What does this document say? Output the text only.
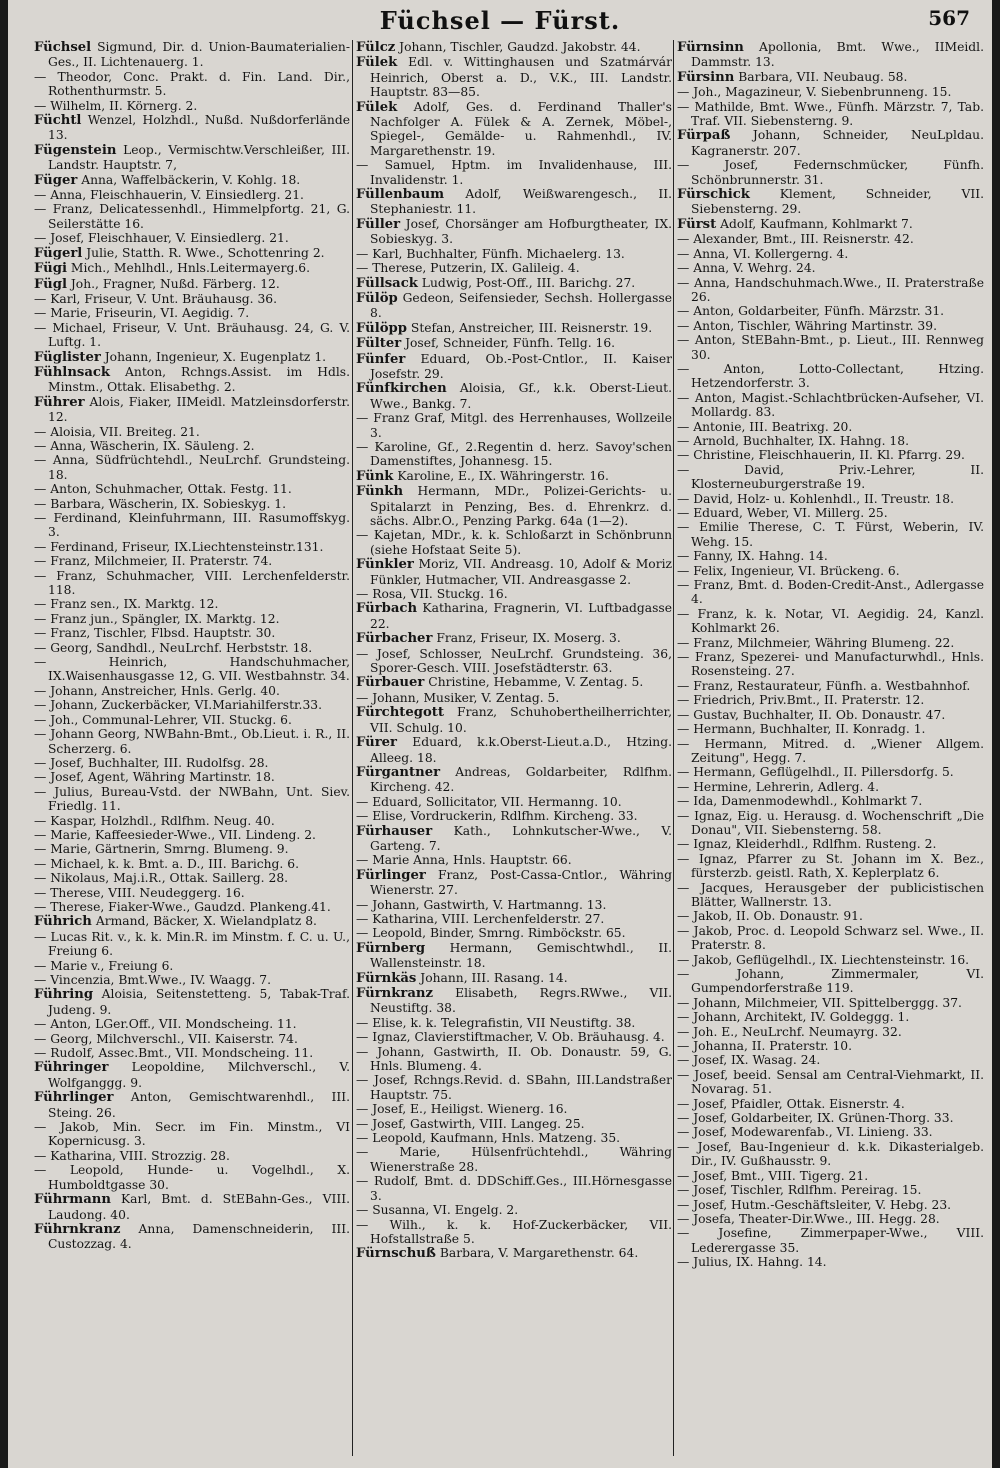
Füchsel — Fürst.	567

Füchsel Sigmund, Dir. d. Union-Baumaterialien-Ges., II. Lichtenauerg. 1.

— Theodor, Conc. Prakt. d. Fin. Land. Dir., Rothenthurmstr. 5.

— Wilhelm, II. Körnerg. 2.

Füchtl Wenzel, Holzhdl., Nußd. Nußdorferlände 13.

Fügenstein Leop., Vermischtw.Verschleißer, III. Landstr. Hauptstr. 7,

Füger Anna, Waffelbäckerin, V. Kohlg. 18.

— Anna, Fleischhauerin, V. Einsiedlerg. 21.

— Franz, Delicatessenhdl., Himmelpfortg. 21, G. Seilerstätte 16.

— Josef, Fleischhauer, V. Einsiedlerg. 21.

Fügerl Julie, Statth. R. Wwe., Schottenring 2.

Fügi Mich., Mehlhdl., Hnls.Leitermayerg.6.

Fügl Joh., Fragner, Nußd. Färberg. 12.

— Karl, Friseur, V. Unt. Bräuhausg. 36.

— Marie, Friseurin, VI. Aegidig. 7.

— Michael, Friseur, V. Unt. Bräuhausg. 24, G. V. Luftg. 1.

Füglister Johann, Ingenieur, X. Eugenplatz 1.

Fühlnsack Anton, Rchngs.Assist. im Hdls. Minstm., Ottak. Elisabethg. 2.

Führer Alois, Fiaker, IIMeidl. Matzleinsdorferstr. 12.

— Aloisia, VII. Breiteg. 21.

— Anna, Wäscherin, IX. Säuleng. 2.

— Anna, Südfrüchtehdl., NeuLrchf. Grundsteing. 18.

— Anton, Schuhmacher, Ottak. Festg. 11.

— Barbara, Wäscherin, IX. Sobieskyg. 1.

— Ferdinand, Kleinfuhrmann, III. Rasumoffskyg. 3.

— Ferdinand, Friseur, IX.Liechtensteinstr.131.

— Franz, Milchmeier, II. Praterstr. 74.

— Franz, Schuhmacher, VIII. Lerchenfelderstr. 118.

— Franz sen., IX. Marktg. 12.

— Franz jun., Spängler, IX. Marktg. 12.

— Franz, Tischler, Flbsd. Hauptstr. 30.

— Georg, Sandhdl., NeuLrchf. Herbststr. 18.

— Heinrich, Handschuhmacher, IX.Waisenhausgasse 12, G. VII. Westbahnstr. 34.

— Johann, Anstreicher, Hnls. Gerlg. 40.

— Johann, Zuckerbäcker, VI.Mariahilferstr.33.

— Joh., Communal-Lehrer, VII. Stuckg. 6.

— Johann Georg, NWBahn-Bmt., Ob.Lieut. i. R., II. Scherzerg. 6.

— Josef, Buchhalter, III. Rudolfsg. 28.

— Josef, Agent, Währing Martinstr. 18.

— Julius, Bureau-Vstd. der NWBahn, Unt. Siev. Friedlg. 11.

— Kaspar, Holzhdl., Rdlfhm. Neug. 40.

— Marie, Kaffeesieder-Wwe., VII. Lindeng. 2.

— Marie, Gärtnerin, Smrng. Blumeng. 9.

— Michael, k. k. Bmt. a. D., III. Barichg. 6.

— Nikolaus, Maj.i.R., Ottak. Saillerg. 28.

— Therese, VIII. Neudeggerg. 16.

— Therese, Fiaker-Wwe., Gaudzd. Plankeng.41.

Führich Armand, Bäcker, X. Wielandplatz 8.

— Lucas Rit. v., k. k. Min.R. im Minstm. f. C. u. U., Freiung 6.

— Marie v., Freiung 6.

— Vincenzia, Bmt.Wwe., IV. Waagg. 7.

Führing Aloisia, Seitenstetteng. 5, Tabak-Traf. Judeng. 9.

— Anton, LGer.Off., VII. Mondscheing. 11.

— Georg, Milchverschl., VII. Kaiserstr. 74.

— Rudolf, Assec.Bmt., VII. Mondscheing. 11.

Führinger Leopoldine, Milchverschl., V. Wolfganggg. 9.

Führlinger Anton, Gemischtwarenhdl., III. Steing. 26.

— Jakob, Min. Secr. im Fin. Minstm., VI Kopernicusg. 3.

— Katharina, VIII. Strozzig. 28.

— Leopold, Hunde- u. Vogelhdl., X. Humboldtgasse 30.

Führmann Karl, Bmt. d. StEBahn-Ges., VIII. Laudong. 40.

Führnkranz Anna, Damenschneiderin, III. Custozzag. 4.

Fülcz Johann, Tischler, Gaudzd. Jakobstr. 44.

Fülek Edl. v. Wittinghausen und Szatmárvár Heinrich, Oberst a. D., V.K., III. Landstr. Hauptstr. 83—85.

Fülek Adolf, Ges. d. Ferdinand Thaller's Nachfolger A. Fülek & A. Zernek, Möbel-, Spiegel-, Gemälde- u. Rahmenhdl., IV. Margarethenstr. 19.

— Samuel, Hptm. im Invalidenhause, III. Invalidenstr. 1.

Füllenbaum Adolf, Weißwarengesch., II. Stephaniestr. 11.

Füller Josef, Chorsänger am Hofburgtheater, IX. Sobieskyg. 3.

— Karl, Buchhalter, Fünfh. Michaelerg. 13.

— Therese, Putzerin, IX. Galileig. 4.

Füllsack Ludwig, Post-Off., III. Barichg. 27.

Fülöp Gedeon, Seifensieder, Sechsh. Hollergasse 8.

Fülöpp Stefan, Anstreicher, III. Reisnerstr. 19.

Fülter Josef, Schneider, Fünfh. Tellg. 16.

Fünfer Eduard, Ob.-Post-Cntlor., II. Kaiser Josefstr. 29.

Fünfkirchen Aloisia, Gf., k.k. Oberst-Lieut. Wwe., Bankg. 7.

— Franz Graf, Mitgl. des Herrenhauses, Wollzeile 3.

— Karoline, Gf., 2.Regentin d. herz. Savoy'schen Damenstiftes, Johannesg. 15.

Fünk Karoline, E., IX. Währingerstr. 16.

Fünkh Hermann, MDr., Polizei-Gerichts- u. Spitalarzt in Penzing, Bes. d. Ehrenkrz. d. sächs. Albr.O., Penzing Parkg. 64a (1—2).

— Kajetan, MDr., k. k. Schloßarzt in Schönbrunn (siehe Hofstaat Seite 5).

Fünkler Moriz, VII. Andreasg. 10, Adolf & Moriz Fünkler, Hutmacher, VII. Andreasgasse 2.

— Rosa, VII. Stuckg. 16.

Fürbach Katharina, Fragnerin, VI. Luftbadgasse 22.

Fürbacher Franz, Friseur, IX. Moserg. 3.

— Josef, Schlosser, NeuLrchf. Grundsteing. 36, Sporer-Gesch. VIII. Josefstädterstr. 63.

Fürbauer Christine, Hebamme, V. Zentag. 5.

— Johann, Musiker, V. Zentag. 5.

Fürchtegott Franz, Schuhobertheilherrichter, VII. Schulg. 10.

Fürer Eduard, k.k.Oberst-Lieut.a.D., Htzing. Alleeg. 18.

Fürgantner Andreas, Goldarbeiter, Rdlfhm. Kircheng. 42.

— Eduard, Sollicitator, VII. Hermanng. 10.

— Elise, Vordruckerin, Rdlfhm. Kircheng. 33.

Fürhauser Kath., Lohnkutscher-Wwe., V. Garteng. 7.

— Marie Anna, Hnls. Hauptstr. 66.

Fürlinger Franz, Post-Cassa-Cntlor., Währing Wienerstr. 27.

— Johann, Gastwirth, V. Hartmanng. 13.

— Katharina, VIII. Lerchenfelderstr. 27.

— Leopold, Binder, Smrng. Rimböckstr. 65.

Fürnberg Hermann, Gemischtwhdl., II. Wallensteinstr. 18.

Fürnkäs Johann, III. Rasang. 14.

Fürnkranz Elisabeth, Regrs.RWwe., VII. Neustiftg. 38.

— Elise, k. k. Telegrafistin, VII Neustiftg. 38.

— Ignaz, Clavierstiftmacher, V. Ob. Bräuhausg. 4.

— Johann, Gastwirth, II. Ob. Donaustr. 59, G. Hnls. Blumeng. 4.

— Josef, Rchngs.Revid. d. SBahn, III.Landstraßer Hauptstr. 75.

— Josef, E., Heiligst. Wienerg. 16.

— Josef, Gastwirth, VIII. Langeg. 25.

— Leopold, Kaufmann, Hnls. Matzeng. 35.

— Marie, Hülsenfrüchtehdl., Währing Wienerstraße 28.

— Rudolf, Bmt. d. DDSchiff.Ges., III.Hörnesgasse 3.

— Susanna, VI. Engelg. 2.

— Wilh., k. k. Hof-Zuckerbäcker, VII. Hofstallstraße 5.

Fürnschuß Barbara, V. Margarethenstr. 64.

Fürnsinn Apollonia, Bmt. Wwe., IIMeidl. Dammstr. 13.

Fürsinn Barbara, VII. Neubaug. 58.

— Joh., Magazineur, V. Siebenbrunneng. 15.

— Mathilde, Bmt. Wwe., Fünfh. Märzstr. 7, Tab. Traf. VII. Siebensterng. 9.

Fürpaß Johann, Schneider, NeuLpldau. Kagranerstr. 207.

— Josef, Federnschmücker, Fünfh. Schönbrunnerstr. 31.

Fürschick Klement, Schneider, VII. Siebensterng. 29.

Fürst Adolf, Kaufmann, Kohlmarkt 7.

— Alexander, Bmt., III. Reisnerstr. 42.

— Anna, VI. Kollergerng. 4.

— Anna, V. Wehrg. 24.

— Anna, Handschuhmach.Wwe., II. Praterstraße 26.

— Anton, Goldarbeiter, Fünfh. Märzstr. 31.

— Anton, Tischler, Währing Martinstr. 39.

— Anton, StEBahn-Bmt., p. Lieut., III. Rennweg 30.

— Anton, Lotto-Collectant, Htzing. Hetzendorferstr. 3.

— Anton, Magist.-Schlachtbrücken-Aufseher, VI. Mollardg. 83.

— Antonie, III. Beatrixg. 20.

— Arnold, Buchhalter, IX. Hahng. 18.

— Christine, Fleischhauerin, II. Kl. Pfarrg. 29.

— David, Priv.-Lehrer, II. Klosterneuburgerstraße 19.

— David, Holz- u. Kohlenhdl., II. Treustr. 18.

— Eduard, Weber, VI. Millerg. 25.

— Emilie Therese, C. T. Fürst, Weberin, IV. Wehg. 15.

— Fanny, IX. Hahng. 14.

— Felix, Ingenieur, VI. Brückeng. 6.

— Franz, Bmt. d. Boden-Credit-Anst., Adlergasse 4.

— Franz, k. k. Notar, VI. Aegidig. 24, Kanzl. Kohlmarkt 26.

— Franz, Milchmeier, Währing Blumeng. 22.

— Franz, Spezerei- und Manufacturwhdl., Hnls. Rosensteing. 27.

— Franz, Restaurateur, Fünfh. a. Westbahnhof.

— Friedrich, Priv.Bmt., II. Praterstr. 12.

— Gustav, Buchhalter, II. Ob. Donaustr. 47.

— Hermann, Buchhalter, II. Konradg. 1.

— Hermann, Mitred. d. „Wiener Allgem. Zeitung", Hegg. 7.

— Hermann, Geflügelhdl., II. Pillersdorfg. 5.

— Hermine, Lehrerin, Adlerg. 4.

— Ida, Damenmodewhdl., Kohlmarkt 7.

— Ignaz, Eig. u. Herausg. d. Wochenschrift „Die Donau", VII. Siebensterng. 58.

— Ignaz, Kleiderhdl., Rdlfhm. Rusteng. 2.

— Ignaz, Pfarrer zu St. Johann im X. Bez., fürsterzb. geistl. Rath, X. Keplerplatz 6.

— Jacques, Herausgeber der publicistischen Blätter, Wallnerstr. 13.

— Jakob, II. Ob. Donaustr. 91.

— Jakob, Proc. d. Leopold Schwarz sel. Wwe., II. Praterstr. 8.

— Jakob, Geflügelhdl., IX. Liechtensteinstr. 16.

— Johann, Zimmermaler, VI. Gumpendorferstraße 119.

— Johann, Milchmeier, VII. Spittelberggg. 37.

— Johann, Architekt, IV. Goldeggg. 1.

— Joh. E., NeuLrchf. Neumayrg. 32.

— Johanna, II. Praterstr. 10.

— Josef, IX. Wasag. 24.

— Josef, beeid. Sensal am Central-Viehmarkt, II. Novarag. 51.

— Josef, Pfaidler, Ottak. Eisnerstr. 4.

— Josef, Goldarbeiter, IX. Grünen-Thorg. 33.

— Josef, Modewarenfab., VI. Linieng. 33.

— Josef, Bau-Ingenieur d. k.k. Dikasterialgeb. Dir., IV. Gußhausstr. 9.

— Josef, Bmt., VIII. Tigerg. 21.

— Josef, Tischler, Rdlfhm. Pereirag. 15.

— Josef, Hutm.-Geschäftsleiter, V. Hebg. 23.

— Josefa, Theater-Dir.Wwe., III. Hegg. 28.

— Josefine, Zimmerpaper-Wwe., VIII. Lederergasse 35.

— Julius, IX. Hahng. 14.
